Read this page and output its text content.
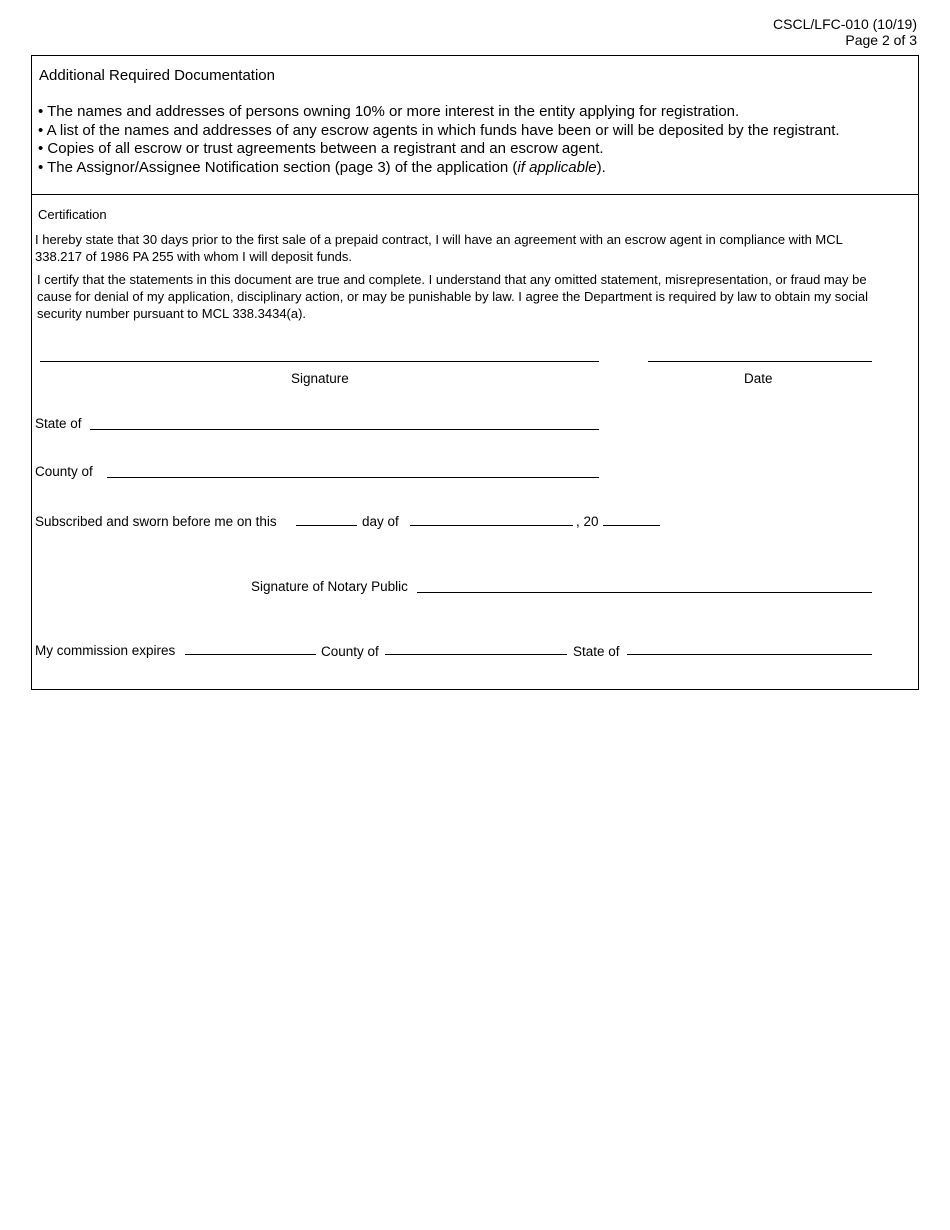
CSCL/LFC-010 (10/19)
Page 2 of 3
Additional Required Documentation
• The names and addresses of persons owning 10% or more interest in the entity applying for registration.
• A list of the names and addresses of any escrow agents in which funds have been or will be deposited by the registrant.
• Copies of all escrow or trust agreements between a registrant and an escrow agent.
• The Assignor/Assignee Notification section (page 3) of the application (if applicable).
Certification
I hereby state that 30 days prior to the first sale of a prepaid contract, I will have an agreement with an escrow agent in compliance with MCL 338.217 of 1986 PA 255 with whom I will deposit funds.
I certify that the statements in this document are true and complete. I understand that any omitted statement, misrepresentation, or fraud may be cause for denial of my application, disciplinary action, or may be punishable by law. I agree the Department is required by law to obtain my social security number pursuant to MCL 338.3434(a).
Signature	Date
State of
County of
Subscribed and sworn before me on this	day of	, 20
Signature of Notary Public
My commission expires	County of	State of
